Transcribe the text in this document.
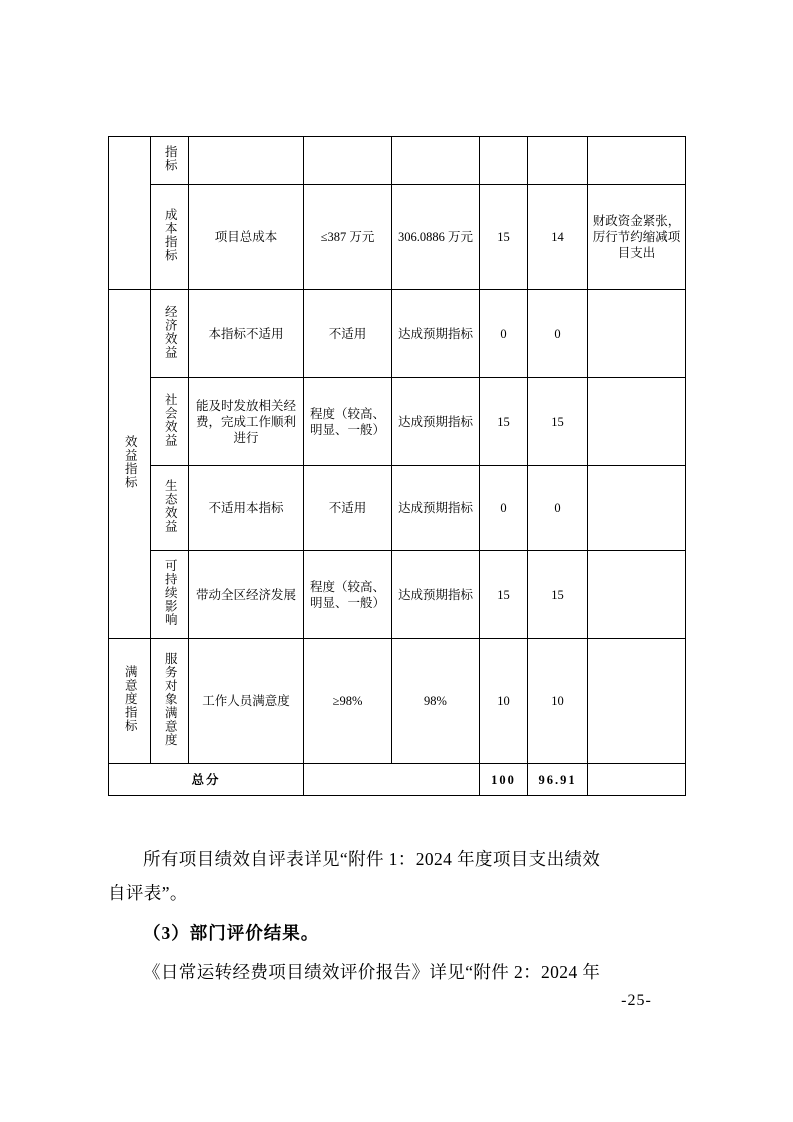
	指标						
	成本指标	项目总成本	≤387 万元	306.0886 万元	15	14	财政资金紧张，厉行节约缩减项目支出
效益指标	经济效益	本指标不适用	不适用	达成预期指标	0	0	
	社会效益	能及时发放相关经费，完成工作顺利进行	程度（较高、明显、一般）	达成预期指标	15	15	
	生态效益	不适用本指标	不适用	达成预期指标	0	0	
	可持续影响	带动全区经济发展	程度（较高、明显、一般）	达成预期指标	15	15	
满意度指标	服务对象满意度	工作人员满意度	≥98%	98%	10	10	
总分					100	96.91	
所有项目绩效自评表详见“附件 1：2024 年度项目支出绩效
自评表”。
（3）部门评价结果。
《日常运转经费项目绩效评价报告》详见“附件 2：2024 年
-25-
